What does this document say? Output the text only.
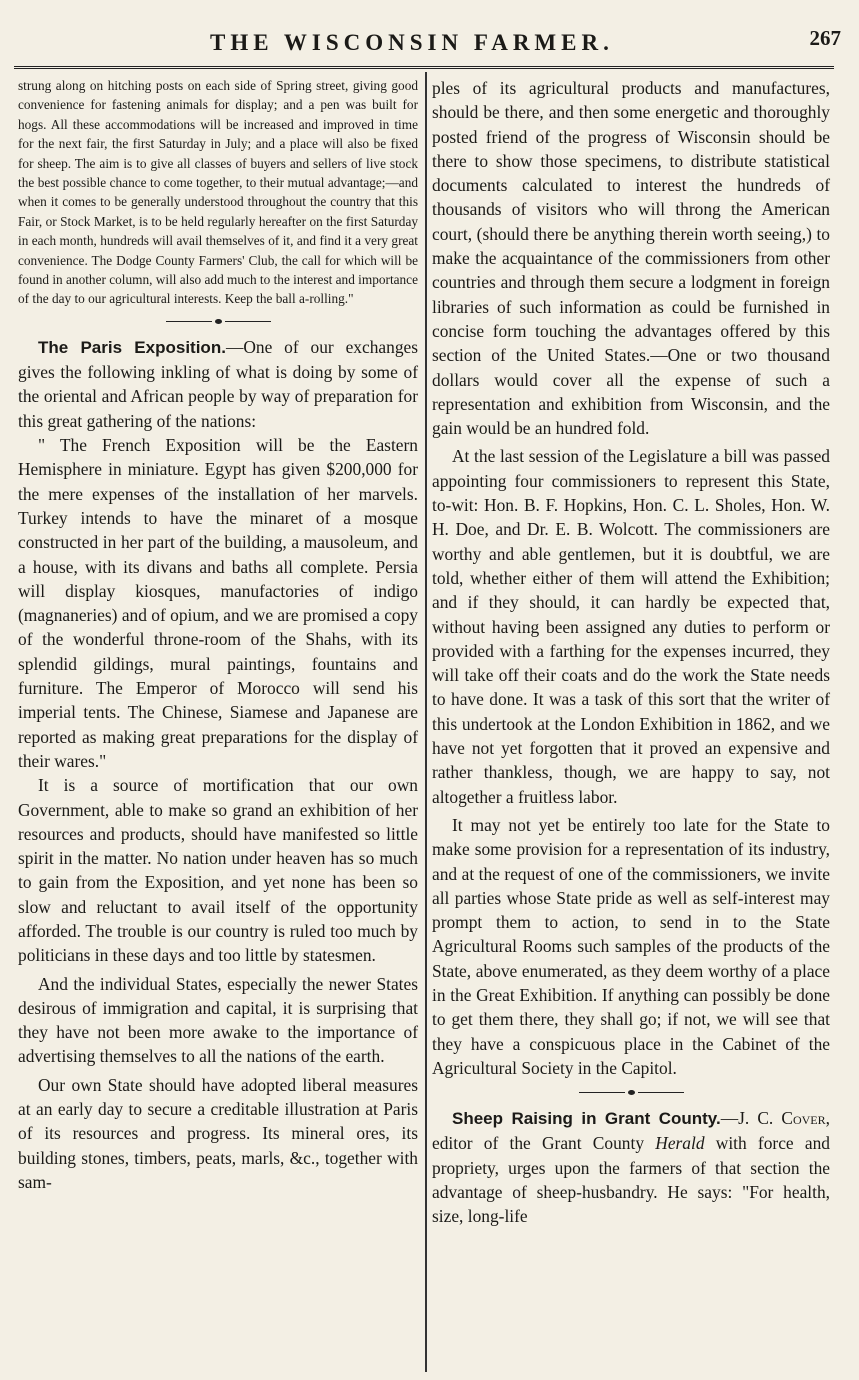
THE WISCONSIN FARMER.	267

strung along on hitching posts on each side of Spring street, giving good convenience for fastening animals for display; and a pen was built for hogs. All these accommodations will be increased and improved in time for the next fair, the first Saturday in July; and a place will also be fixed for sheep. The aim is to give all classes of buyers and sellers of live stock the best possible chance to come together, to their mutual advantage;—and when it comes to be generally understood throughout the country that this Fair, or Stock Market, is to be held regularly hereafter on the first Saturday in each month, hundreds will avail themselves of it, and find it a very great convenience. The Dodge County Farmers' Club, the call for which will be found in another column, will also add much to the interest and importance of the day to our agricultural interests. Keep the ball a-rolling."

The Paris Exposition.—One of our exchanges gives the following inkling of what is doing by some of the oriental and African people by way of preparation for this great gathering of the nations:

" The French Exposition will be the Eastern Hemisphere in miniature. Egypt has given $200,000 for the mere expenses of the installation of her marvels. Turkey intends to have the minaret of a mosque constructed in her part of the building, a mausoleum, and a house, with its divans and baths all complete. Persia will display kiosques, manufactories of indigo (magnaneries) and of opium, and we are promised a copy of the wonderful throne-room of the Shahs, with its splendid gildings, mural paintings, fountains and furniture. The Emperor of Morocco will send his imperial tents. The Chinese, Siamese and Japanese are reported as making great preparations for the display of their wares."

It is a source of mortification that our own Government, able to make so grand an exhibition of her resources and products, should have manifested so little spirit in the matter. No nation under heaven has so much to gain from the Exposition, and yet none has been so slow and reluctant to avail itself of the opportunity afforded. The trouble is our country is ruled too much by politicians in these days and too little by statesmen.

And the individual States, especially the newer States desirous of immigration and capital, it is surprising that they have not been more awake to the importance of advertising themselves to all the nations of the earth.

Our own State should have adopted liberal measures at an early day to secure a creditable illustration at Paris of its resources and progress. Its mineral ores, its building stones, timbers, peats, marls, &c., together with sam-

ples of its agricultural products and manufactures, should be there, and then some energetic and thoroughly posted friend of the progress of Wisconsin should be there to show those specimens, to distribute statistical documents calculated to interest the hundreds of thousands of visitors who will throng the American court, (should there be anything therein worth seeing,) to make the acquaintance of the commissioners from other countries and through them secure a lodgment in foreign libraries of such information as could be furnished in concise form touching the advantages offered by this section of the United States.—One or two thousand dollars would cover all the expense of such a representation and exhibition from Wisconsin, and the gain would be an hundred fold.

At the last session of the Legislature a bill was passed appointing four commissioners to represent this State, to-wit: Hon. B. F. Hopkins, Hon. C. L. Sholes, Hon. W. H. Doe, and Dr. E. B. Wolcott. The commissioners are worthy and able gentlemen, but it is doubtful, we are told, whether either of them will attend the Exhibition; and if they should, it can hardly be expected that, without having been assigned any duties to perform or provided with a farthing for the expenses incurred, they will take off their coats and do the work the State needs to have done. It was a task of this sort that the writer of this undertook at the London Exhibition in 1862, and we have not yet forgotten that it proved an expensive and rather thankless, though, we are happy to say, not altogether a fruitless labor.

It may not yet be entirely too late for the State to make some provision for a representation of its industry, and at the request of one of the commissioners, we invite all parties whose State pride as well as self-interest may prompt them to action, to send in to the State Agricultural Rooms such samples of the products of the State, above enumerated, as they deem worthy of a place in the Great Exhibition. If anything can possibly be done to get them there, they shall go; if not, we will see that they have a conspicuous place in the Cabinet of the Agricultural Society in the Capitol.

Sheep Raising in Grant County.—J. C. Cover, editor of the Grant County Herald with force and propriety, urges upon the farmers of that section the advantage of sheep-husbandry. He says: "For health, size, long-life
